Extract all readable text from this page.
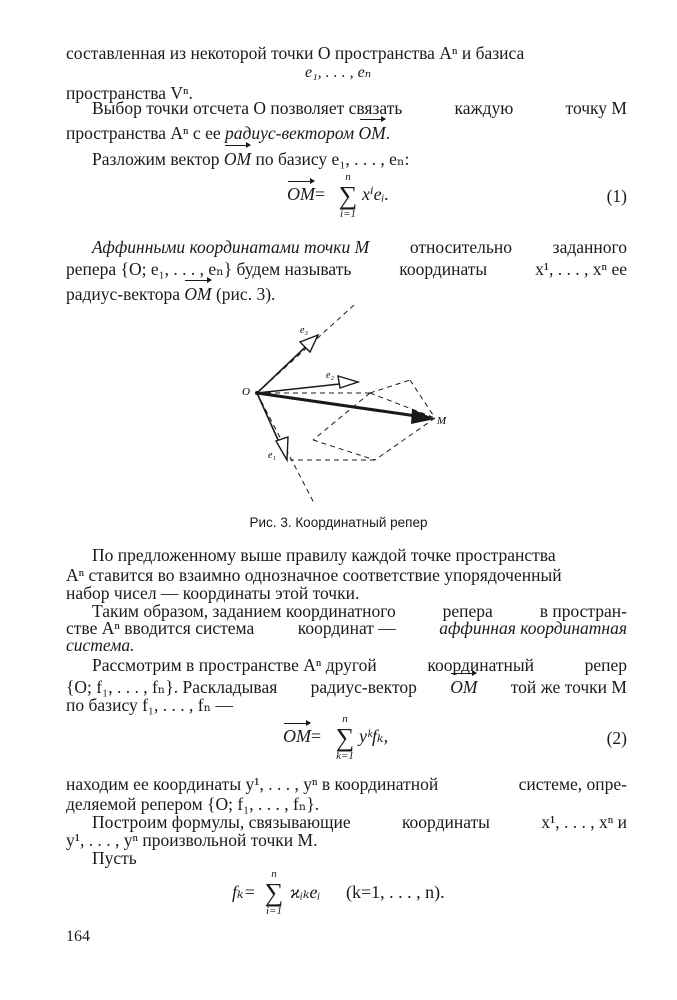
составленная из некоторой точки O пространства Aⁿ и базиса
e₁, . . . , eₙ
пространства Vⁿ.
Выбор точки отсчета O позволяет связать	каждую	точку M
пространства Aⁿ с ее радиус-вектором OM.
Разложим вектор OM по базису e₁, . . . , eₙ:
OM=
n
∑
i=1
xⁱeᵢ.	(1)
Аффинными координатами точки M относительно заданного
репера {O; e₁, . . . , eₙ} будем называть	координаты	x¹, . . . , xⁿ ее
радиус-вектора OM (рис. 3).
O
M
e₁
e₂
e₃
Рис. 3. Координатный репер
По предложенному выше правилу каждой точке пространства
Aⁿ ставится во взаимно однозначное соответствие упорядоченный
набор чисел — координаты этой точки.
Таким образом, заданием координатного	репера	в простран-
стве Aⁿ вводится система координат — аффинная координатная
система.
Рассмотрим в пространстве Aⁿ другой	координатный	репер
{O; f₁, . . . , fₙ}. Раскладывая радиус-вектор OM той же точки M
по базису f₁, . . . , fₙ —
OM=
n
∑
k=1
yᵏfₖ,	(2)
находим ее координаты y¹, . . . , yⁿ в координатной	системе, опре-
деляемой репером {O; f₁, . . . , fₙ}.
Построим формулы, связывающие	координаты	x¹, . . . , xⁿ и
y¹, . . . , yⁿ произвольной точки M.
Пусть
fₖ=
n
∑
i=1
ϰᵢₖeᵢ (k=1, . . . , n).
164
